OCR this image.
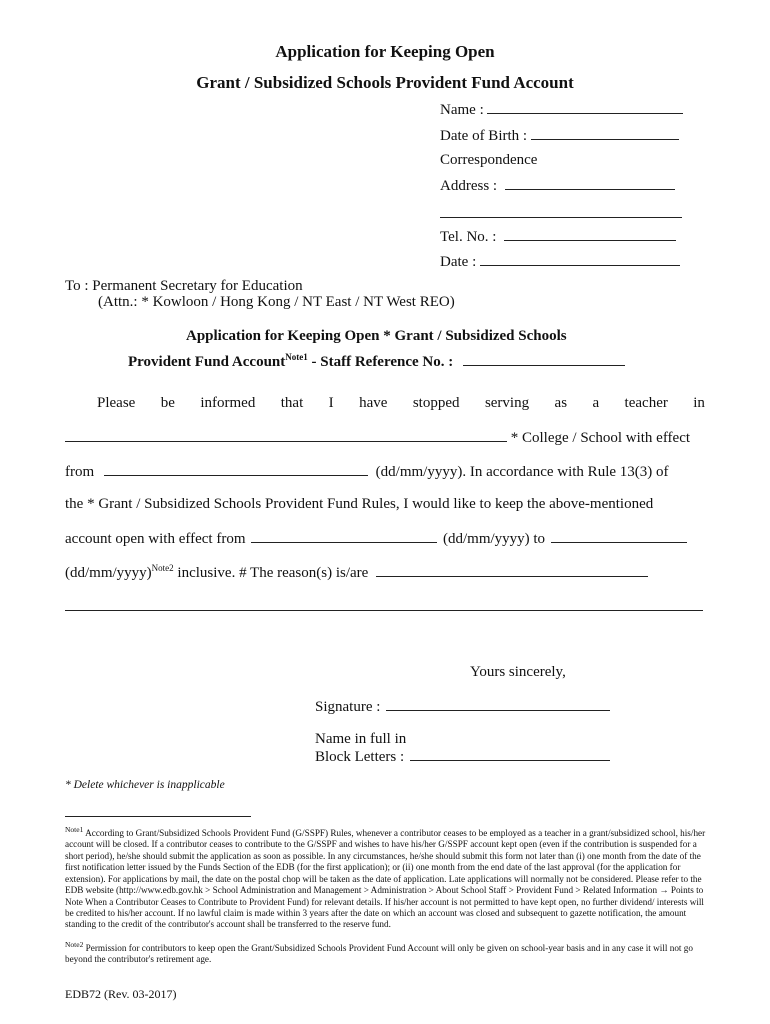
Application for Keeping Open
Grant / Subsidized Schools Provident Fund Account
Name :
Date of Birth :
Correspondence
Address :
Tel. No. :
Date :
To : Permanent Secretary for Education
(Attn.: * Kowloon / Hong Kong / NT East / NT West REO)
Application for Keeping Open * Grant / Subsidized Schools
Provident Fund Account$^{Note1}$ - Staff Reference No. :
Please be informed that I have stopped serving as a teacher in
* College / School with effect
from	(dd/mm/yyyy). In accordance with Rule 13(3) of
the * Grant / Subsidized Schools Provident Fund Rules, I would like to keep the above-mentioned
account open with effect from	(dd/mm/yyyy) to
(dd/mm/yyyy)$^{Note2}$ inclusive. # The reason(s) is/are
Yours sincerely,
Signature :
Name in full in
Block Letters :
* Delete whichever is inapplicable
$^{Note1}$ According to Grant/Subsidized Schools Provident Fund (G/SSPF) Rules, whenever a contributor ceases to be employed as a teacher in a grant/subsidized school, his/her account will be closed. If a contributor ceases to contribute to the G/SSPF and wishes to have his/her G/SSPF account kept open (even if the contribution is suspended for a short period), he/she should submit the application as soon as possible. In any circumstances, he/she should submit this form not later than (i) one month from the date of the first notification letter issued by the Funds Section of the EDB (for the first application); or (ii) one month from the end date of the last approval (for the application for extension). For applications by mail, the date on the postal chop will be taken as the date of application. Late applications will normally not be considered. Please refer to the EDB website (http://www.edb.gov.hk > School Administration and Management > Administration > About School Staff > Provident Fund > Related Information → Points to Note When a Contributor Ceases to Contribute to Provident Fund) for relevant details. If his/her account is not permitted to have kept open, no further dividend/ interests will be credited to his/her account. If no lawful claim is made within 3 years after the date on which an account was closed and subsequent to gazette notification, the amount standing to the credit of the contributor's account shall be transferred to the reserve fund.
$^{Note2}$ Permission for contributors to keep open the Grant/Subsidized Schools Provident Fund Account will only be given on school-year basis and in any case it will not go beyond the contributor's retirement age.
EDB72 (Rev. 03-2017)
